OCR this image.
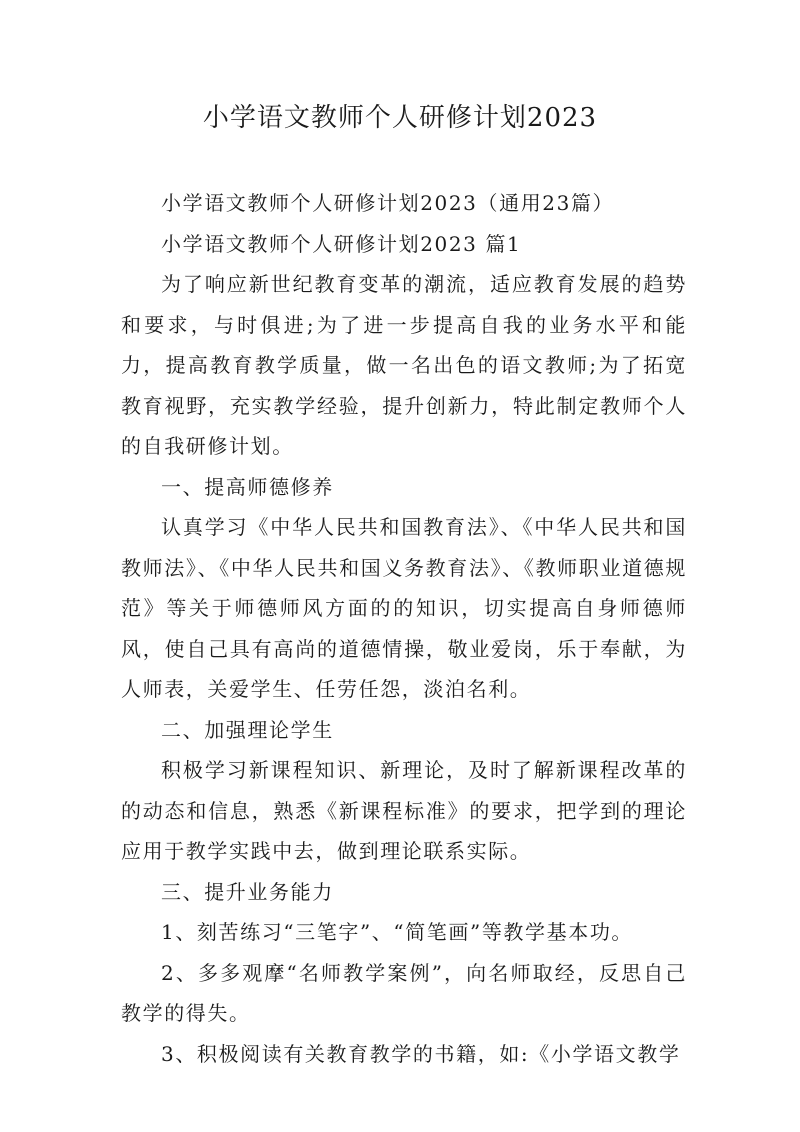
小学语文教师个人研修计划2023

小学语文教师个人研修计划2023（通用23篇）

小学语文教师个人研修计划2023 篇1

为了响应新世纪教育变革的潮流，适应教育发展的趋势和要求，与时俱进;为了进一步提高自我的业务水平和能力，提高教育教学质量，做一名出色的语文教师;为了拓宽教育视野，充实教学经验，提升创新力，特此制定教师个人的自我研修计划。

一、提高师德修养

认真学习《中华人民共和国教育法》、《中华人民共和国教师法》、《中华人民共和国义务教育法》、《教师职业道德规范》等关于师德师风方面的的知识，切实提高自身师德师风，使自己具有高尚的道德情操，敬业爱岗，乐于奉献，为人师表，关爱学生、任劳任怨，淡泊名利。

二、加强理论学生

积极学习新课程知识、新理论，及时了解新课程改革的的动态和信息，熟悉《新课程标准》的要求，把学到的理论应用于教学实践中去，做到理论联系实际。

三、提升业务能力

1、刻苦练习“三笔字”、“简笔画”等教学基本功。

2、多多观摩“名师教学案例”，向名师取经，反思自己教学的得失。

3、积极阅读有关教育教学的书籍，如:《小学语文教学
